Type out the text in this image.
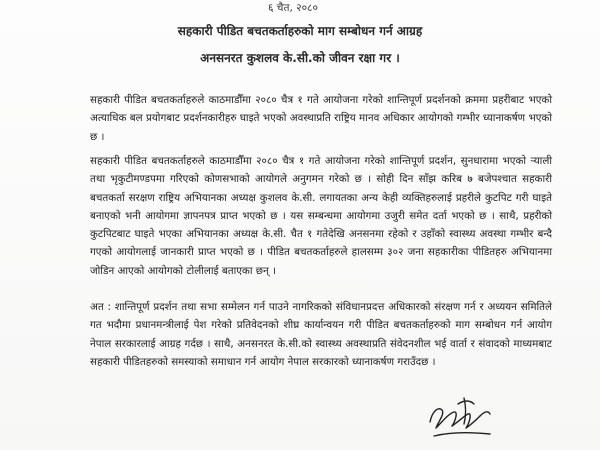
६ चैत, २०८०
सहकारी पीडित बचतकर्ताहरुको माग सम्बोधन गर्न आग्रह
अनसनरत कुशलव के.सी.को जीवन रक्षा गर ।
सहकारी पीडित बचतकर्ताहरुले काठमाडौँमा २०८० चैत्र १ गते आयोजना गरेको शान्तिपूर्ण प्रदर्शनको क्रममा प्रहरीबाट भएको अत्याधिक बल प्रयोगबाट प्रदर्शनकारीहरु घाइते भएको अवस्थाप्रति राष्ट्रिय मानव अधिकार आयोगको गम्भीर ध्यानाकर्षण भएको छ ।
सहकारी पीडित बचतकर्ताहरुले काठमाडौँमा २०८० चैत्र १ गते आयोजना गरेको शान्तिपूर्ण प्रदर्शन, सुनधारामा भएको र्‍याली तथा भृकुटीमण्डपमा गरिएको कोणसभाको आयोगले अनुगमन गरेको छ । सोही दिन साँझ करिब ७ बजेपश्चात सहकारी बचतकर्ता सरक्षण राष्ट्रिय अभियानका अध्यक्ष कुशलव के.सी. लगायतका अन्य केही व्यक्तिहरुलाई प्रहरीले कुटपिट गरी घाइते बनाएको भनी आयोगमा ज्ञापनपत्र प्राप्त भएको छ । यस सम्बन्धमा आयोगमा उजुरी समेत दर्ता भएको छ । साथै, प्रहरीको कुटपिटबाट घाइते भएका अभियानका अध्यक्ष के.सी. चैत १ गतेदेखि अनसनमा रहेको र उहाँको स्वास्थ्य अवस्था गम्भीर बन्दै गएको आयोगलाई जानकारी प्राप्त भएको छ । पीडित बचतकर्ताहरुले हालसम्म ३०२ जना सहकारीका पीडितहरु अभियानमा जोडिन आएको आयोगको टोलीलाई बताएका छन् ।
अत : शान्तिपूर्ण प्रदर्शन तथा सभा सम्मेलन गर्न पाउने नागरिकको संविधानप्रदत्त अधिकारको संरक्षण गर्न र अध्ययन समितिले गत भदौमा प्रधानमन्त्रीलाई पेश गरेको प्रतिवेदनको शीघ्र कार्यान्वयन गरी पीडित बचतकर्ताहरुको माग सम्बोधन गर्न आयोग नेपाल सरकारलाई आग्रह गर्दछ । साथै, अनसनरत के.सी.को स्वास्थ्य अवस्थाप्रति संवेदनशील भई वार्ता र संवादको माध्यमबाट सहकारी पीडितहरुको समस्याको समाधान गर्न आयोग नेपाल सरकारको ध्यानाकर्षण गराउँदछ ।
